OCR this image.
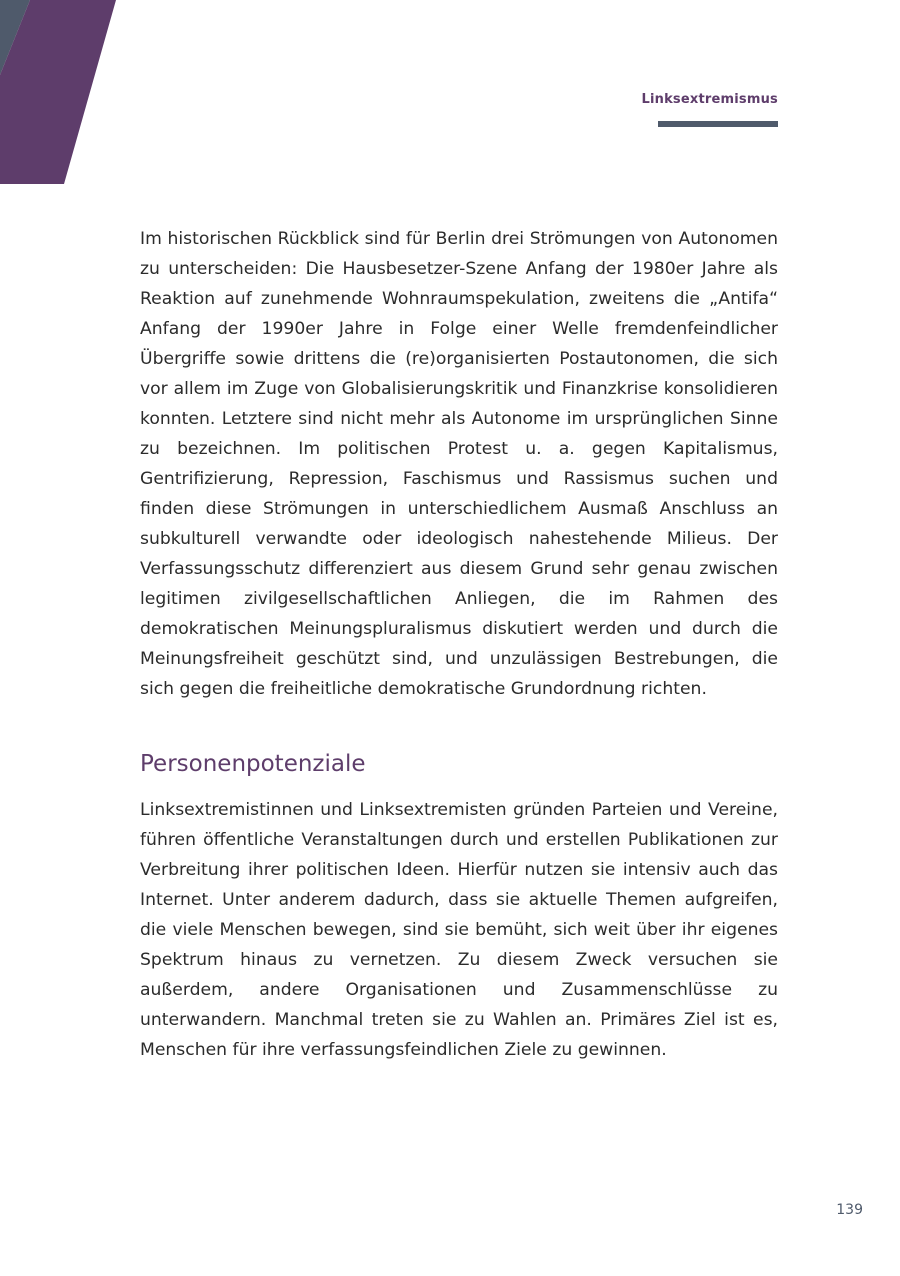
Linksextremismus

Im historischen Rückblick sind für Berlin drei Strömungen von Autonomen zu unterscheiden: Die Hausbesetzer-Szene Anfang der 1980er Jahre als Reaktion auf zunehmende Wohnraumspekulation, zweitens die „Antifa“ Anfang der 1990er Jahre in Folge einer Welle fremdenfeindlicher Übergriffe sowie drittens die (re)organisierten Postautonomen, die sich vor allem im Zuge von Globalisierungskritik und Finanzkrise konsolidieren konnten. Letztere sind nicht mehr als Autonome im ursprünglichen Sinne zu bezeichnen. Im politischen Protest u. a. gegen Kapitalismus, Gentrifizierung, Repression, Faschismus und Rassismus suchen und finden diese Strömungen in unterschiedlichem Ausmaß Anschluss an subkulturell verwandte oder ideologisch nahestehende Milieus. Der Verfassungsschutz differenziert aus diesem Grund sehr genau zwischen legitimen zivilgesellschaftlichen Anliegen, die im Rahmen des demokratischen Meinungspluralismus diskutiert werden und durch die Meinungsfreiheit geschützt sind, und unzulässigen Bestrebungen, die sich gegen die freiheitliche demokratische Grundordnung richten.

Personenpotenziale

Linksextremistinnen und Linksextremisten gründen Parteien und Vereine, führen öffentliche Veranstaltungen durch und erstellen Publikationen zur Verbreitung ihrer politischen Ideen. Hierfür nutzen sie intensiv auch das Internet. Unter anderem dadurch, dass sie aktuelle Themen aufgreifen, die viele Menschen bewegen, sind sie bemüht, sich weit über ihr eigenes Spektrum hinaus zu vernetzen. Zu diesem Zweck versuchen sie außerdem, andere Organisationen und Zusammenschlüsse zu unterwandern. Manchmal treten sie zu Wahlen an. Primäres Ziel ist es, Menschen für ihre verfassungsfeindlichen Ziele zu gewinnen.

139
